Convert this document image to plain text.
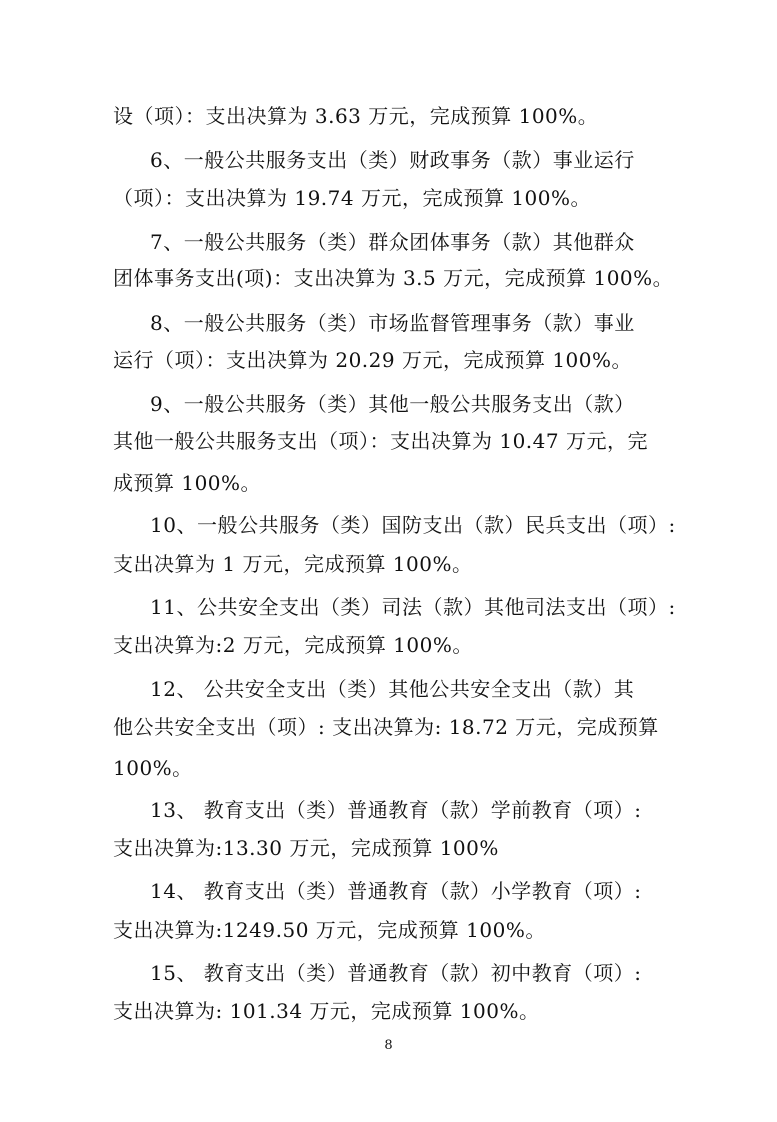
设（项）：支出决算为 3.63 万元，完成预算 100%。
6、一般公共服务支出（类）财政事务（款）事业运行
（项）：支出决算为 19.74 万元，完成预算 100%。
7、一般公共服务（类）群众团体事务（款）其他群众
团体事务支出(项)：支出决算为 3.5 万元，完成预算 100%。
8、一般公共服务（类）市场监督管理事务（款）事业
运行（项）：支出决算为 20.29 万元，完成预算 100%。
9、一般公共服务（类）其他一般公共服务支出（款）
其他一般公共服务支出（项）：支出决算为 10.47 万元，完
成预算 100%。
10、一般公共服务（类）国防支出（款）民兵支出（项）:
支出决算为 1 万元，完成预算 100%。
11、公共安全支出（类）司法（款）其他司法支出（项）:
支出决算为:2 万元，完成预算 100%。
12、 公共安全支出（类）其他公共安全支出（款）其
他公共安全支出（项）: 支出决算为: 18.72 万元，完成预算
100%。
13、 教育支出（类）普通教育（款）学前教育（项）:
支出决算为:13.30 万元，完成预算 100%
14、 教育支出（类）普通教育（款）小学教育（项）:
支出决算为:1249.50 万元，完成预算 100%。
15、 教育支出（类）普通教育（款）初中教育（项）:
支出决算为: 101.34 万元，完成预算 100%。
8
